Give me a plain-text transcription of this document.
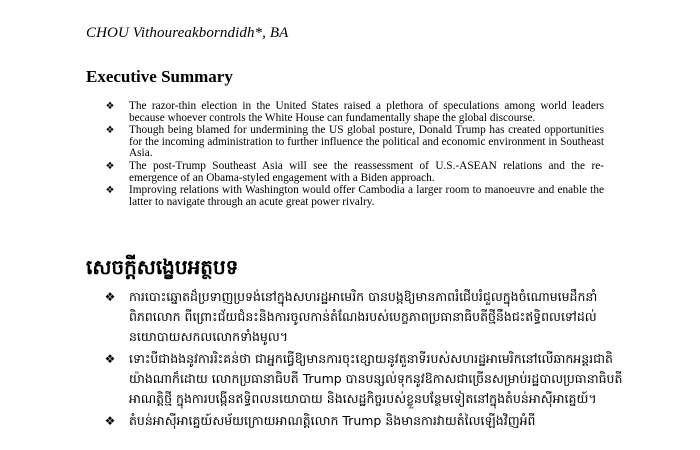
CHOU Vithoureakborndidh*, BA
Executive Summary
❖ The razor-thin election in the United States raised a plethora of speculations among world leaders because whoever controls the White House can fundamentally shape the global discourse.
❖ Though being blamed for undermining the US global posture, Donald Trump has created opportunities for the incoming administration to further influence the political and economic environment in Southeast Asia.
❖ The post-Trump Southeast Asia will see the reassessment of U.S.-ASEAN relations and the re-emergence of an Obama-styled engagement with a Biden approach.
❖ Improving relations with Washington would offer Cambodia a larger room to manoeuvre and enable the latter to navigate through an acute great power rivalry.
សេចក្តីសង្ខេបអត្ថបទ
❖ ការបោះឆ្នោតដ៏ប្រទាញប្រទង់នៅក្នុងសហរដ្ឋអាមេរិក បានបង្កឱ្យមានភាពរំជើបរំជួលក្នុងចំណោមមេដឹកនាំពិភពលោក ពីព្រោះជ័យជំនះនិងការចូលកាន់តំណែងរបស់បេក្ខភាពប្រធានាធិបតីថ្មីនឹងជះឥទ្ធិពលទៅដល់នយោបាយសកលលោកទាំងមូល។
❖ ទោះបីជាងងនូវការរិះគន់ថា ជាអ្នកធ្វើឱ្យមានការចុះខ្សោយនូវតួនាទីរបស់សហរដ្ឋអាមេរិកនៅលើឆាកអន្តរជាតិយ៉ាងណាក៏ដោយ លោកប្រធានាធិបតី Trump បានបន្សល់ទុកនូវឱកាសជាច្រើនសម្រាប់រដ្ឋបាលប្រធានាធិបតីអាណត្តិថ្មី ក្នុងការបង្កើនឥទ្ធិពលនយោបាយ និងសេដ្ឋកិច្ចរបស់ខ្លួនបន្ថែមទៀតនៅក្នុងតំបន់អាស៊ីអាគ្នេយ៍។
❖ តំបន់អាស៊ីអាគ្នេយ៍សម័យក្រោយអាណត្តិលោក Trump និងមានការវាយតំលៃឡើងវិញអំពី
